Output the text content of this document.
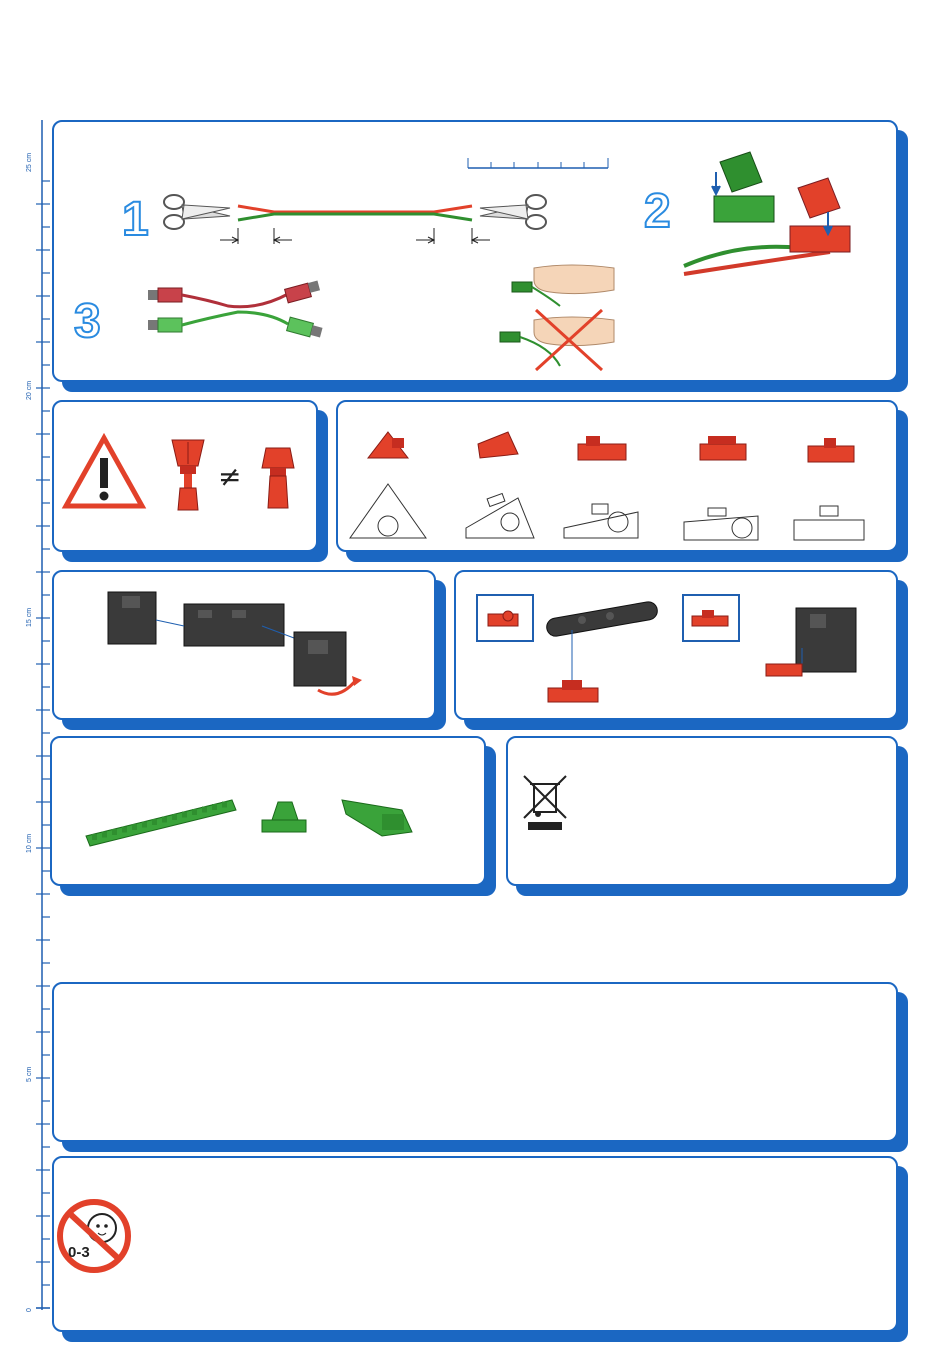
25 cm
20 cm
15 cm
10 cm
5 cm
0
1	2
3
≠
0-3
